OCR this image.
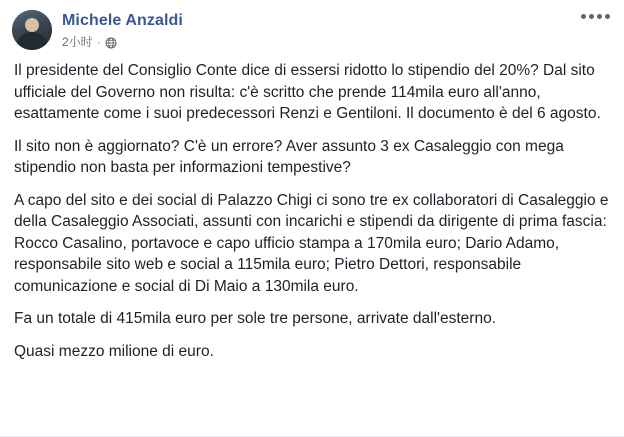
Michele Anzaldi
2小时 ·

Il presidente del Consiglio Conte dice di essersi ridotto lo stipendio del 20%? Dal sito ufficiale del Governo non risulta: c'è scritto che prende 114mila euro all'anno, esattamente come i suoi predecessori Renzi e Gentiloni. Il documento è del 6 agosto.

Il sito non è aggiornato? C'è un errore? Aver assunto 3 ex Casaleggio con mega stipendio non basta per informazioni tempestive?

A capo del sito e dei social di Palazzo Chigi ci sono tre ex collaboratori di Casaleggio e della Casaleggio Associati, assunti con incarichi e stipendi da dirigente di prima fascia: Rocco Casalino, portavoce e capo ufficio stampa a 170mila euro; Dario Adamo, responsabile sito web e social a 115mila euro; Pietro Dettori, responsabile comunicazione e social di Di Maio a 130mila euro.

Fa un totale di 415mila euro per sole tre persone, arrivate dall'esterno.

Quasi mezzo milione di euro.
